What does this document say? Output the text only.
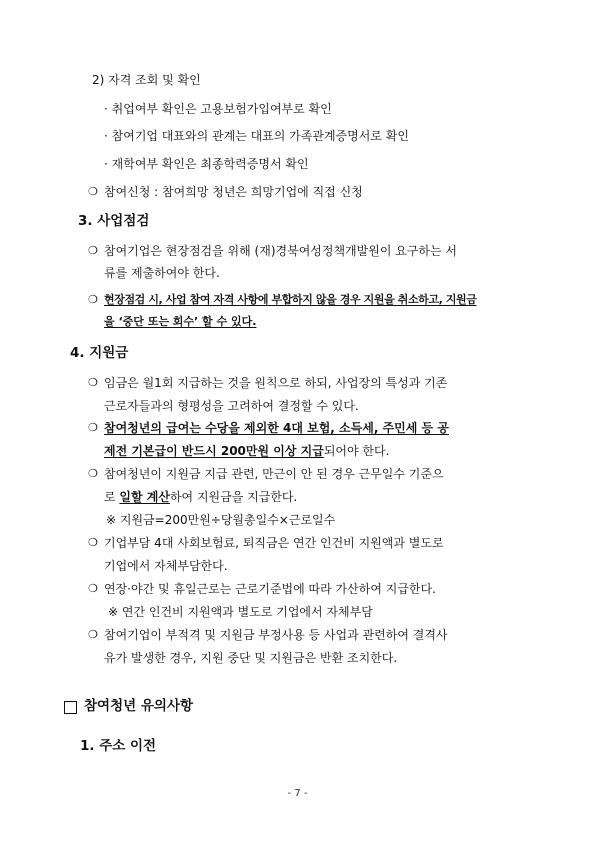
2) 자격 조회 및 확인
· 취업여부 확인은 고용보험가입여부로 확인
· 참여기업 대표와의 관계는 대표의 가족관계증명서로 확인
· 재학여부 확인은 최종학력증명서 확인
❍ 참여신청 : 참여희망 청년은 희망기업에 직접 신청
3. 사업점검
❍ 참여기업은 현장점검을 위해 (재)경북여성정책개발원이 요구하는 서
류를 제출하여야 한다.
❍ 현장점검 시, 사업 참여 자격 사항에 부합하지 않을 경우 지원을 취소하고, 지원금
을 ‘중단 또는 회수’ 할 수 있다.
4. 지원금
❍ 임금은 월1회 지급하는 것을 원칙으로 하되, 사업장의 특성과 기존
근로자들과의 형평성을 고려하여 결정할 수 있다.
❍ 참여청년의 급여는 수당을 제외한 4대 보험, 소득세, 주민세 등 공
제전 기본급이 반드시 200만원 이상 지급되어야 한다.
❍ 참여청년이 지원금 지급 관련, 만근이 안 된 경우 근무일수 기준으
로 일할 계산하여 지원금을 지급한다.
※ 지원금=200만원÷당월총일수×근로일수
❍ 기업부담 4대 사회보험료, 퇴직금은 연간 인건비 지원액과 별도로
기업에서 자체부담한다.
❍ 연장·야간 및 휴일근로는 근로기준법에 따라 가산하여 지급한다.
※ 연간 인건비 지원액과 별도로 기업에서 자체부담
❍ 참여기업이 부적격 및 지원금 부정사용 등 사업과 관련하여 결격사
유가 발생한 경우, 지원 중단 및 지원금은 반환 조치한다.
참여청년 유의사항
1. 주소 이전
- 7 -
